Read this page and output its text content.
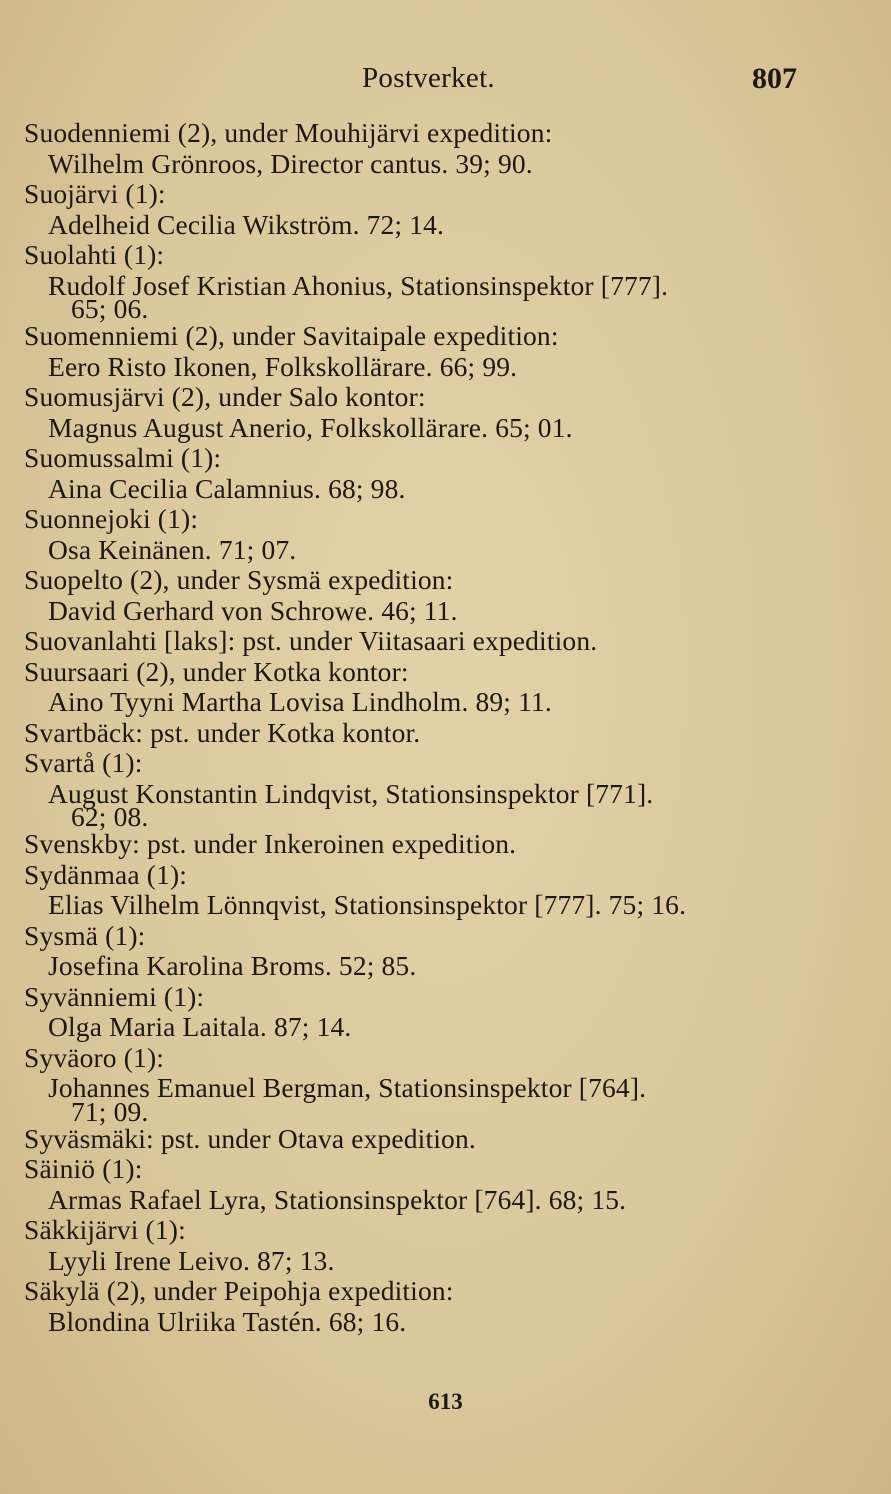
Postverket.	807
Suodenniemi (2), under Mouhijärvi expedition:
Wilhelm Grönroos, Director cantus. 39; 90.
Suojärvi (1):
Adelheid Cecilia Wikström. 72; 14.
Suolahti (1):
Rudolf Josef Kristian Ahonius, Stationsinspektor [777].
65; 06.
Suomenniemi (2), under Savitaipale expedition:
Eero Risto Ikonen, Folkskollärare. 66; 99.
Suomusjärvi (2), under Salo kontor:
Magnus August Anerio, Folkskollärare. 65; 01.
Suomussalmi (1):
Aina Cecilia Calamnius. 68; 98.
Suonnejoki (1):
Osa Keinänen. 71; 07.
Suopelto (2), under Sysmä expedition:
David Gerhard von Schrowe. 46; 11.
Suovanlahti [laks]: pst. under Viitasaari expedition.
Suursaari (2), under Kotka kontor:
Aino Tyyni Martha Lovisa Lindholm. 89; 11.
Svartbäck: pst. under Kotka kontor.
Svartå (1):
August Konstantin Lindqvist, Stationsinspektor [771].
62; 08.
Svenskby: pst. under Inkeroinen expedition.
Sydänmaa (1):
Elias Vilhelm Lönnqvist, Stationsinspektor [777]. 75; 16.
Sysmä (1):
Josefina Karolina Broms. 52; 85.
Syvänniemi (1):
Olga Maria Laitala. 87; 14.
Syväoro (1):
Johannes Emanuel Bergman, Stationsinspektor [764].
71; 09.
Syväsmäki: pst. under Otava expedition.
Säiniö (1):
Armas Rafael Lyra, Stationsinspektor [764]. 68; 15.
Säkkijärvi (1):
Lyyli Irene Leivo. 87; 13.
Säkylä (2), under Peipohja expedition:
Blondina Ulriika Tastén. 68; 16.
613
